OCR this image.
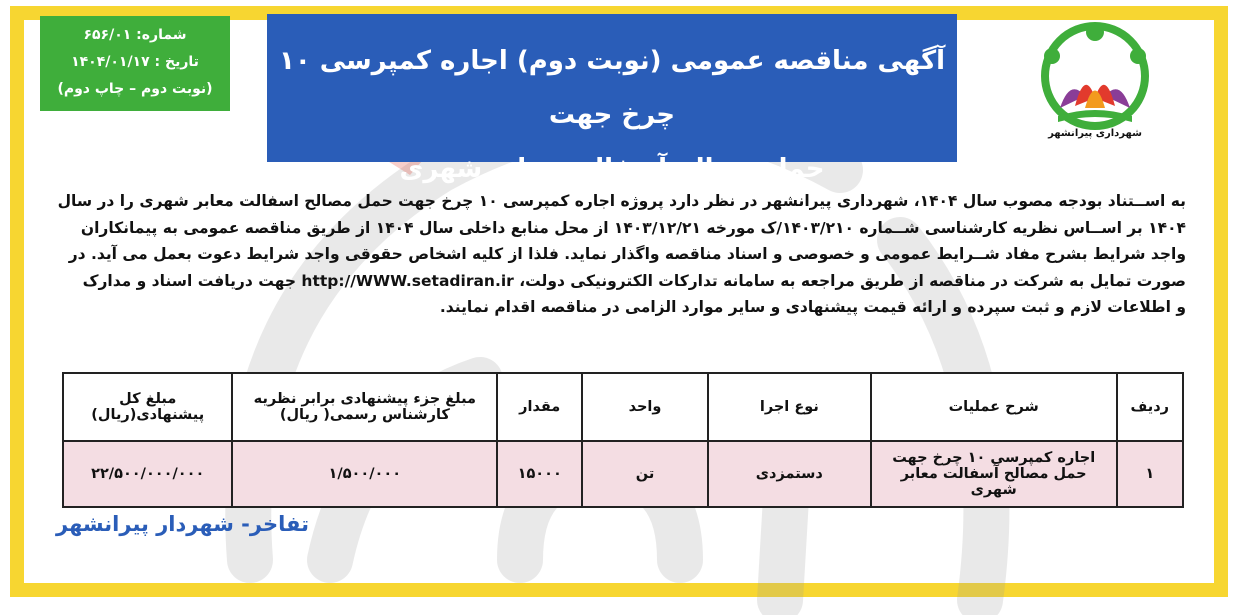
شماره: ۶۵۶/۰۱
تاریخ : ۱۴۰۴/۰۱/۱۷
(نوبت دوم – چاپ دوم)
آگهی مناقصه عمومی (نوبت دوم) اجاره کمپرسی ۱۰ چرخ جهت
حمل مصالح آسفالت معابر شهری
شهرداری پیرانشهر
به اســتناد بودجه مصوب سال ۱۴۰۴، شهرداری پیرانشهر در نظر دارد پروژه اجاره کمپرسی ۱۰ چرخ جهت حمل مصالح اسفالت معابر شهری را در سال
۱۴۰۴ بر اســاس نظریه کارشناسی شــماره ۱۴۰۳/۲۱۰/ک مورخه ۱۴۰۳/۱۲/۲۱ از محل منابع داخلی سال ۱۴۰۴ از طریق مناقصه عمومی به پیمانکاران
واجد شرایط بشرح مفاد شــرایط عمومی و خصوصی و اسناد مناقصه واگذار نماید. فلذا از کلیه اشخاص حقوقی واجد شرایط دعوت بعمل می آید. در
صورت تمایل به شرکت در مناقصه از طریق مراجعه به سامانه تدارکات الکترونیکی دولت، http://WWW.setadiran.ir جهت دریافت اسناد و مدارک
و اطلاعات لازم و ثبت سپرده و ارائه قیمت پیشنهادی و سایر موارد الزامی در مناقصه اقدام نمایند.
ردیف	شرح عملیات	نوع اجرا	واحد	مقدار	مبلغ جزء پیشنهادی برابر نظریه کارشناس رسمی( ریال)	مبلغ کل پیشنهادی(ریال)
۱	اجاره کمپرسی ۱۰ چرخ جهت حمل مصالح آسفالت معابر شهری	دستمزدی	تن	۱۵۰۰۰	۱/۵۰۰/۰۰۰	۲۲/۵۰۰/۰۰۰/۰۰۰
تفاخر- شهردار پیرانشهر
